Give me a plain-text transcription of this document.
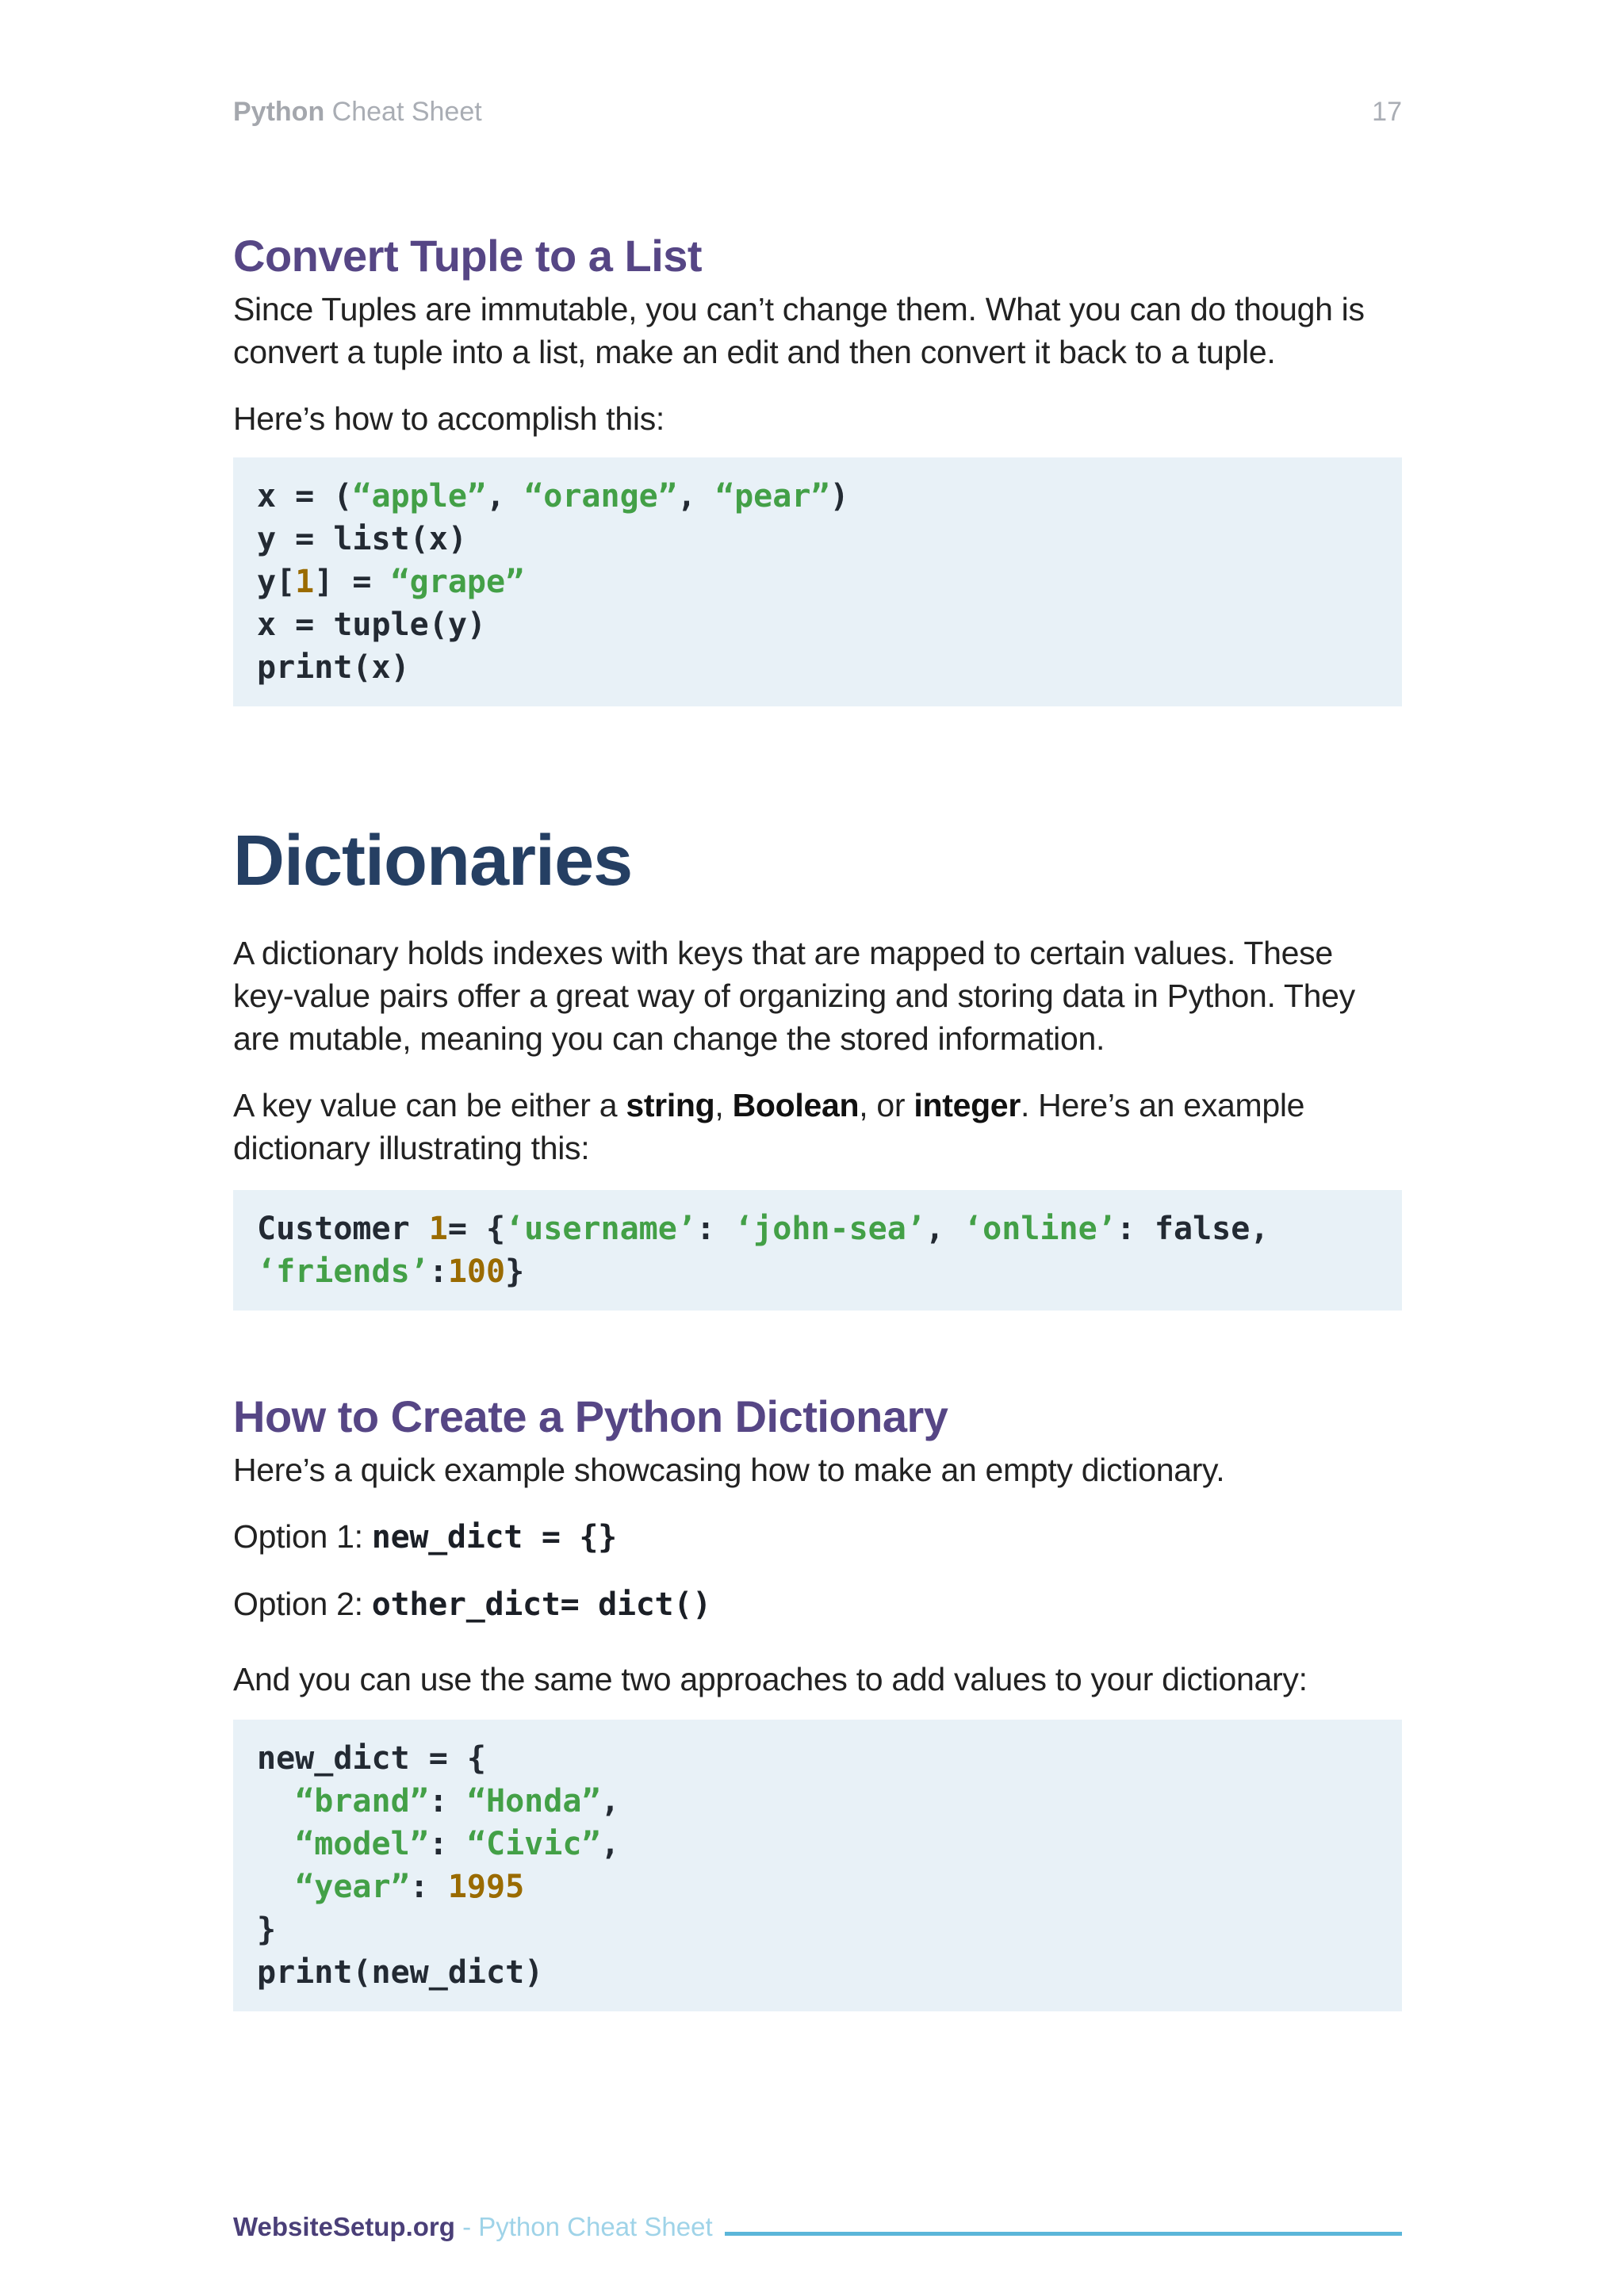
Python Cheat Sheet	17
Convert Tuple to a List

Since Tuples are immutable, you can’t change them. What you can do though is convert a tuple into a list, make an edit and then convert it back to a tuple.

Here’s how to accomplish this:

x = (“apple”, “orange”, “pear”)
y = list(x)
y[1] = “grape”
x = tuple(y)
print(x)
Dictionaries

A dictionary holds indexes with keys that are mapped to certain values. These key-value pairs offer a great way of organizing and storing data in Python. They are mutable, meaning you can change the stored information.

A key value can be either a string, Boolean, or integer. Here’s an example dictionary illustrating this:

Customer 1= {‘username’: ‘john-sea’, ‘online’: false,
‘friends’:100}
How to Create a Python Dictionary

Here’s a quick example showcasing how to make an empty dictionary.

Option 1: new_dict = {}

Option 2: other_dict= dict()

And you can use the same two approaches to add values to your dictionary:

new_dict = {
“brand”: “Honda”,
“model”: “Civic”,
“year”: 1995
}
print(new_dict)
WebsiteSetup.org - Python Cheat Sheet
